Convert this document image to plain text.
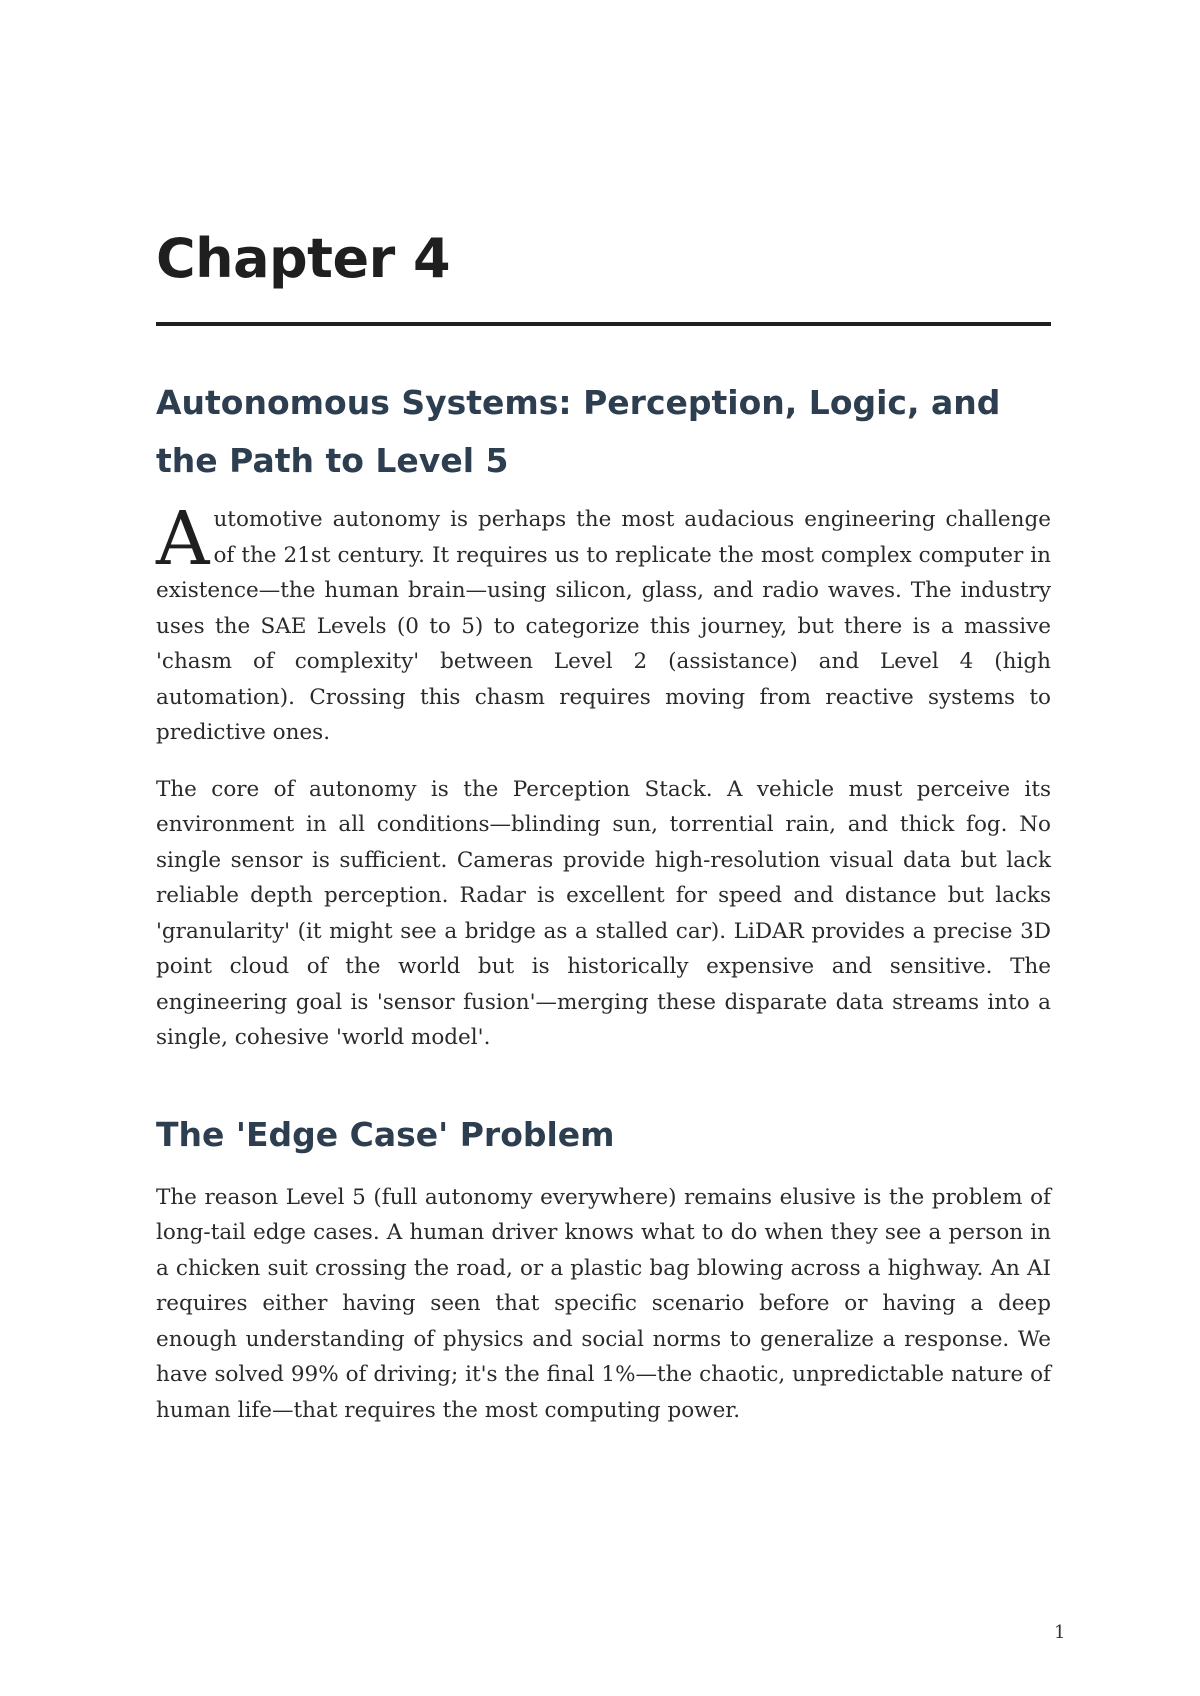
Chapter 4
Autonomous Systems: Perception, Logic, and the Path to Level 5

Automotive autonomy is perhaps the most audacious engineering challenge of the 21st century. It requires us to replicate the most complex computer in existence—the human brain—using silicon, glass, and radio waves. The industry uses the SAE Levels (0 to 5) to categorize this journey, but there is a massive 'chasm of complexity' between Level 2 (assistance) and Level 4 (high automation). Crossing this chasm requires moving from reactive systems to predictive ones.

The core of autonomy is the Perception Stack. A vehicle must perceive its environment in all conditions—blinding sun, torrential rain, and thick fog. No single sensor is sufficient. Cameras provide high-resolution visual data but lack reliable depth perception. Radar is excellent for speed and distance but lacks 'granularity' (it might see a bridge as a stalled car). LiDAR provides a precise 3D point cloud of the world but is historically expensive and sensitive. The engineering goal is 'sensor fusion'—merging these disparate data streams into a single, cohesive 'world model'.

The 'Edge Case' Problem

The reason Level 5 (full autonomy everywhere) remains elusive is the problem of long-tail edge cases. A human driver knows what to do when they see a person in a chicken suit crossing the road, or a plastic bag blowing across a highway. An AI requires either having seen that specific scenario before or having a deep enough understanding of physics and social norms to generalize a response. We have solved 99% of driving; it's the final 1%—the chaotic, unpredictable nature of human life—that requires the most computing power.

1
